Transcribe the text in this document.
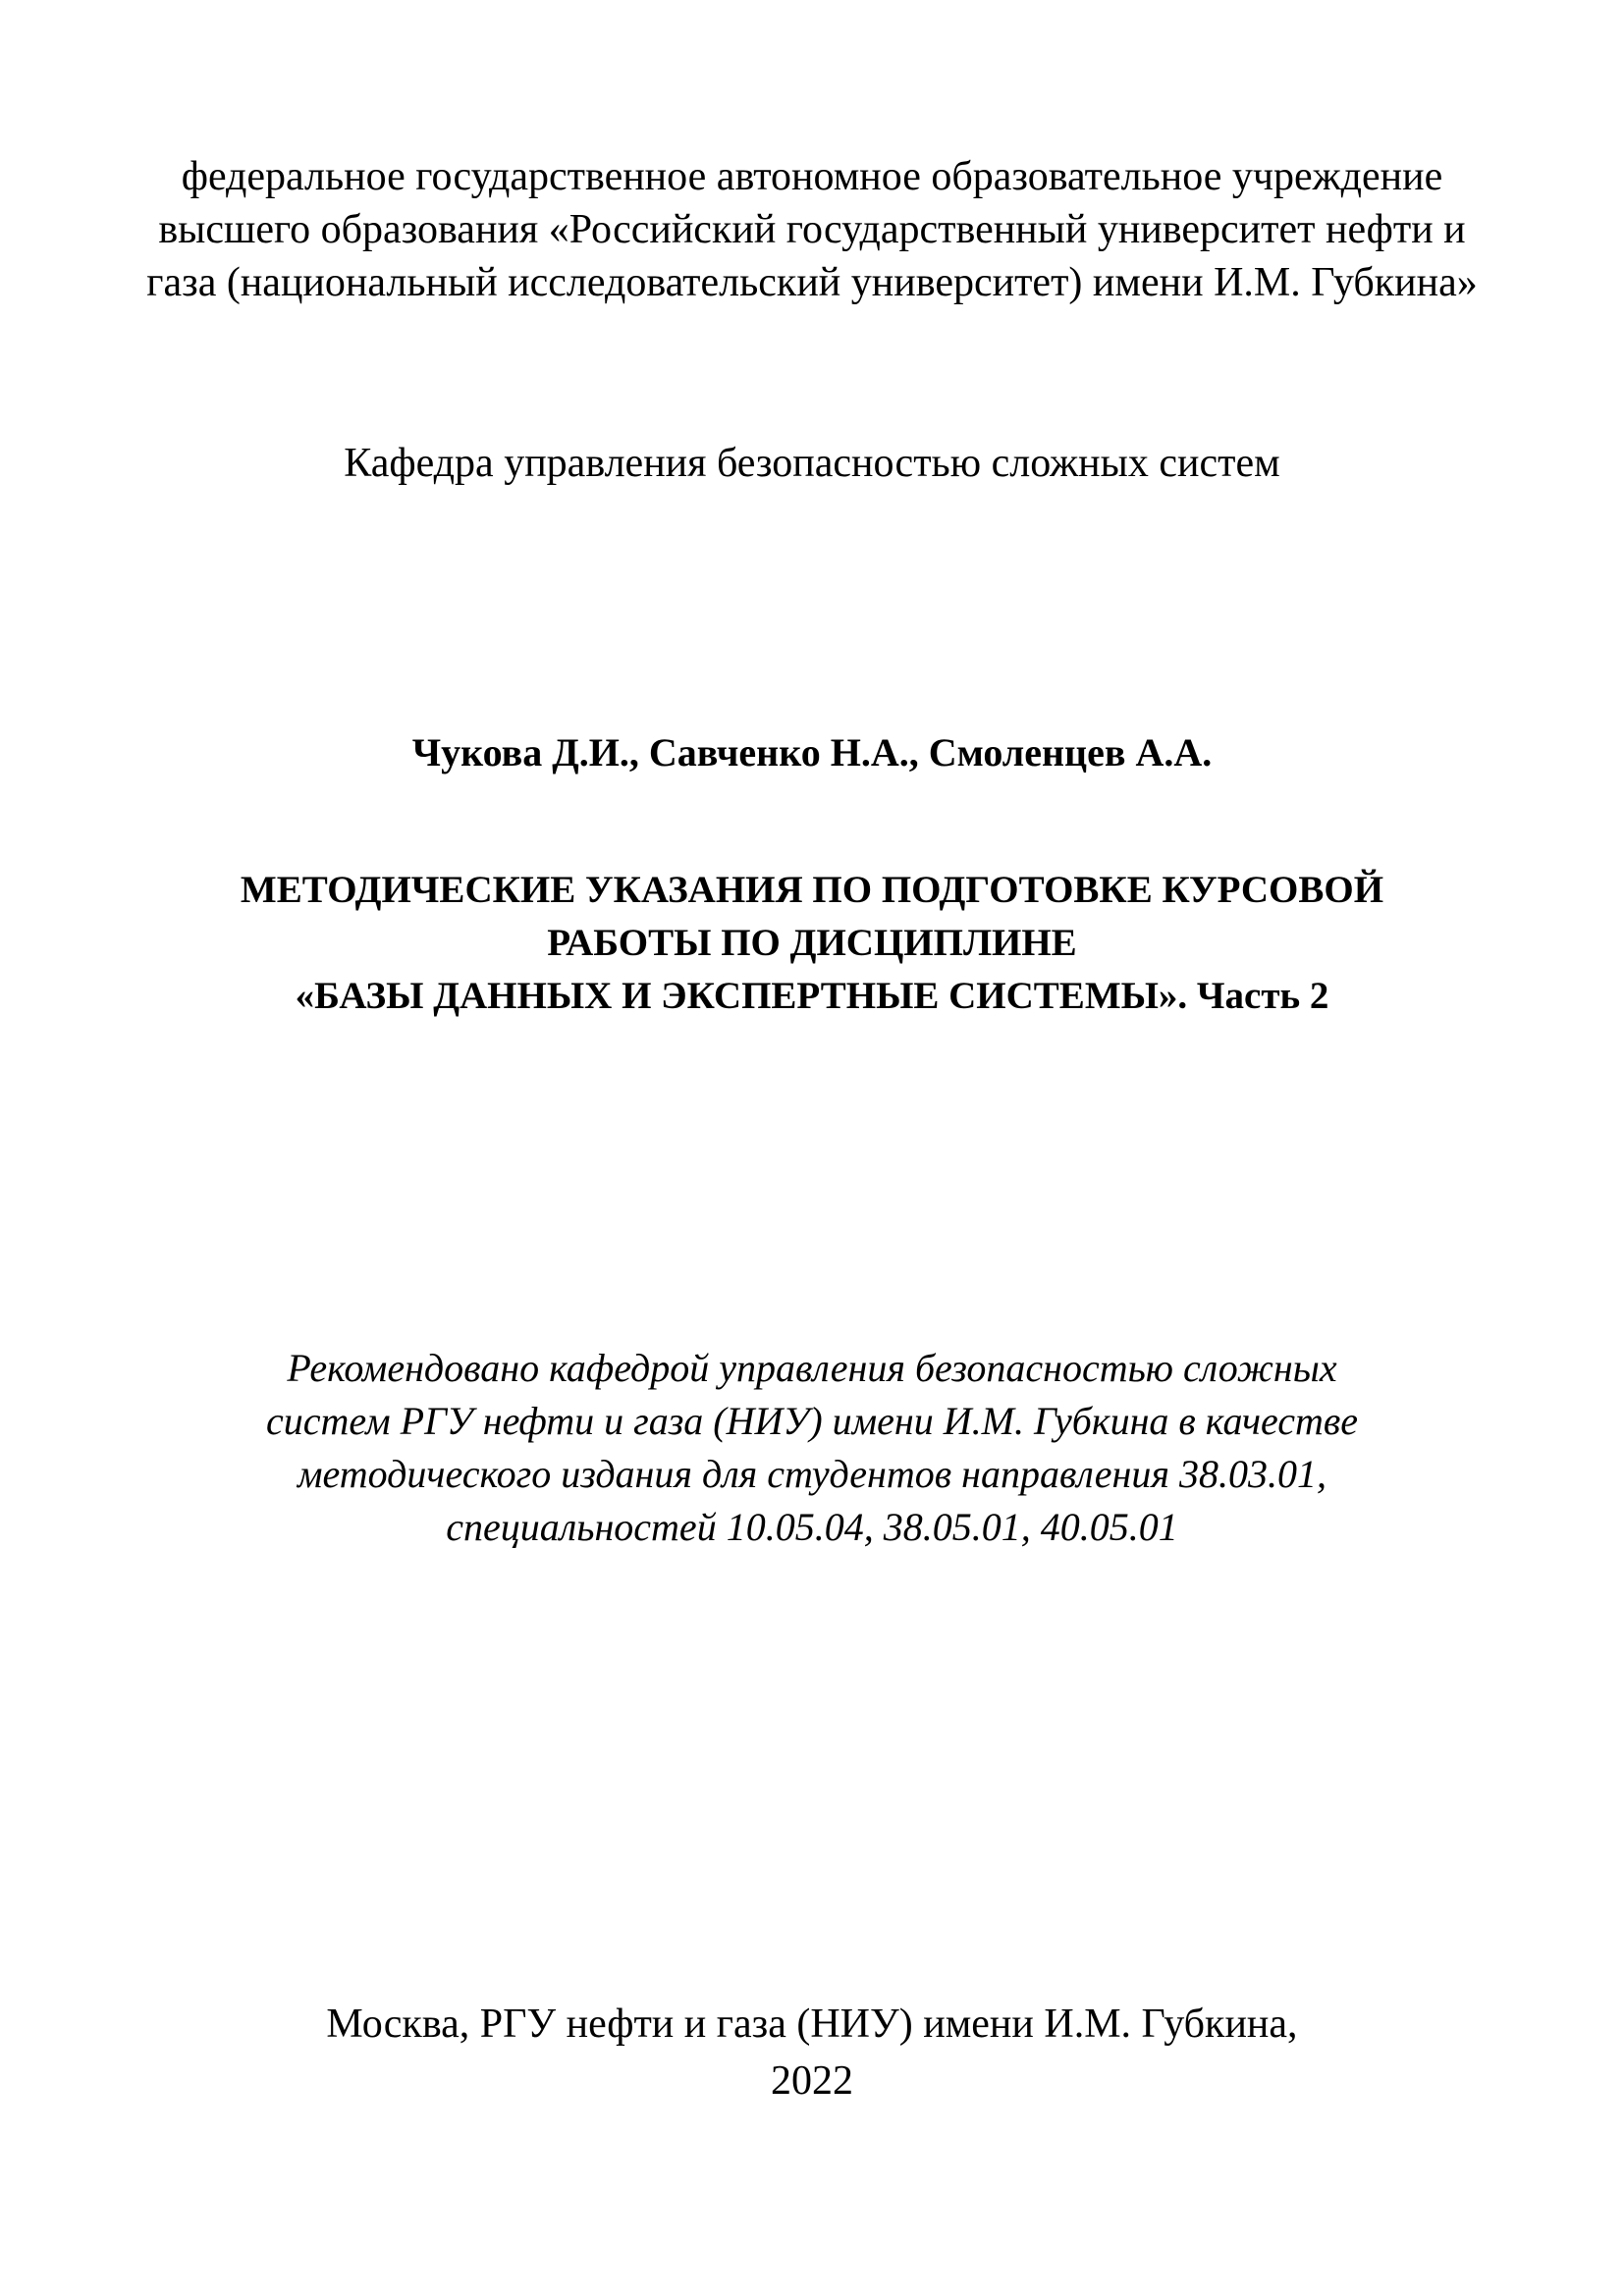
федеральное государственное автономное образовательное учреждение
высшего образования «Российский государственный университет нефти и
газа (национальный исследовательский университет) имени И.М. Губкина»
Кафедра управления безопасностью сложных систем
Чукова Д.И., Савченко Н.А., Смоленцев А.А.
МЕТОДИЧЕСКИЕ УКАЗАНИЯ ПО ПОДГОТОВКЕ КУРСОВОЙ
РАБОТЫ ПО ДИСЦИПЛИНЕ
«БАЗЫ ДАННЫХ И ЭКСПЕРТНЫЕ СИСТЕМЫ». Часть 2
Рекомендовано кафедрой управления безопасностью сложных
систем РГУ нефти и газа (НИУ) имени И.М. Губкина в качестве
методического издания для студентов направления 38.03.01,
специальностей 10.05.04, 38.05.01, 40.05.01
Москва, РГУ нефти и газа (НИУ) имени И.М. Губкина,
2022
